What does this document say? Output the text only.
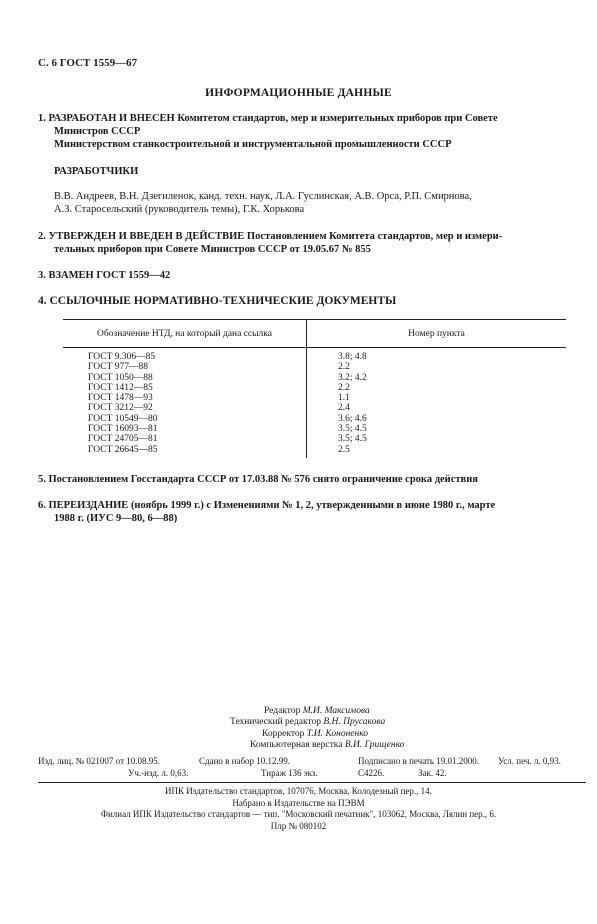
С. 6 ГОСТ 1559—67
ИНФОРМАЦИОННЫЕ ДАННЫЕ
1. РАЗРАБОТАН И ВНЕСЕН Комитетом стандартов, мер и измерительных приборов при Совете
Министров СССР
Министерством станкостроительной и инструментальной промышленности СССР
РАЗРАБОТЧИКИ
В.В. Андреев, В.Н. Дзегиленок, канд. техн. наук, Л.А. Гуслинская, А.В. Орса, Р.П. Смирнова,
А.З. Старосельский (руководитель темы), Г.К. Хорькова
2. УТВЕРЖДЕН И ВВЕДЕН В ДЕЙСТВИЕ Постановлением Комитета стандартов, мер и измери-
тельных приборов при Совете Министров СССР от 19.05.67 № 855
3. ВЗАМЕН ГОСТ 1559—42
4. ССЫЛОЧНЫЕ НОРМАТИВНО-ТЕХНИЧЕСКИЕ ДОКУМЕНТЫ
Обозначение НТД, на который дана ссылка	Номер пункта
ГОСТ 9.306—85	3.8; 4.8
ГОСТ 977—88	2.2
ГОСТ 1050—88	3.2; 4.2
ГОСТ 1412—85	2.2
ГОСТ 1478—93	1.1
ГОСТ 3212—92	2.4
ГОСТ 10549—80	3.6; 4.6
ГОСТ 16093—81	3.5; 4.5
ГОСТ 24705—81	3.5; 4.5
ГОСТ 26645—85	2.5
5. Постановлением Госстандарта СССР от 17.03.88 № 576 снято ограничение срока действия
6. ПЕРЕИЗДАНИЕ (ноябрь 1999 г.) с Изменениями № 1, 2, утвержденными в июне 1980 г., марте
1988 г. (ИУС 9—80, 6—88)
Редактор М.И. Максимова
Технический редактор В.Н. Прусакова
Корректор Т.И. Кононенко
Компьютерная верстка В.И. Грищенко
Изд. лиц. № 021007 от 10.08.95.	Сдано в набор 10.12.99.	Подписано в печать 19.01.2000. Усл. печ. л. 0,93.
Уч.-изд. л. 0,63.	Тираж 136 экз.	С4226.	Зак. 42.
ИПК Издательство стандартов, 107076, Москва, Колодезный пер., 14.
Набрано в Издательстве на ПЭВМ
Филиал ИПК Издательство стандартов — тип. "Московский печатник", 103062, Москва, Лялин пер., 6.
Плр № 080102
